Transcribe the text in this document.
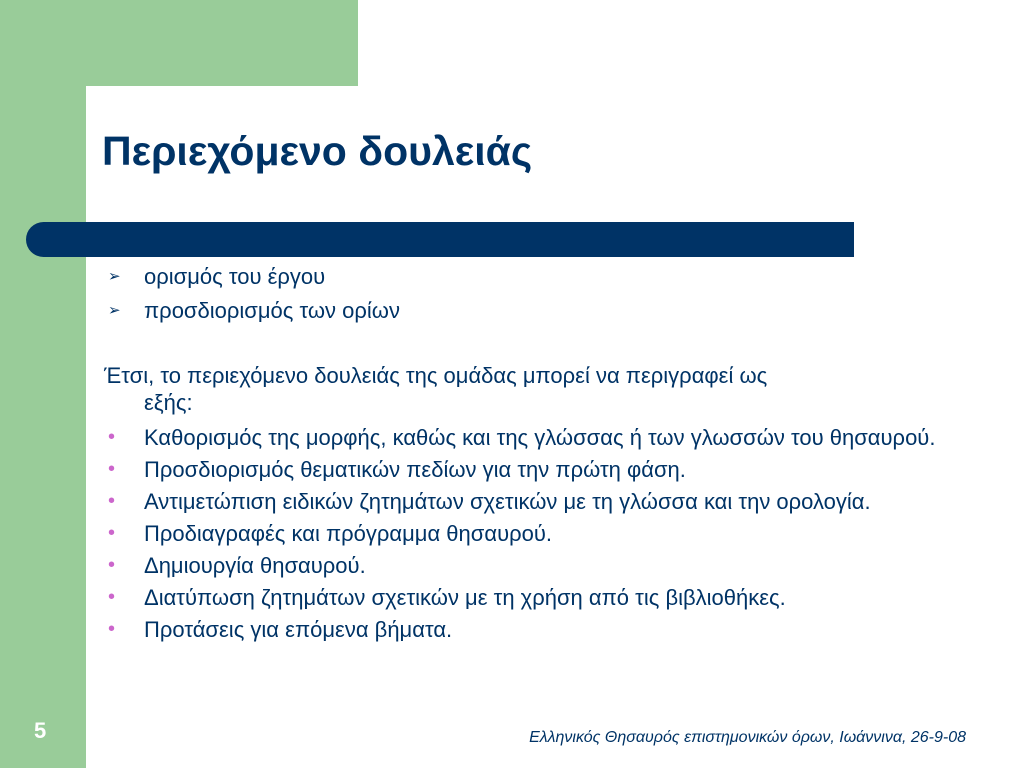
Περιεχόμενο δουλειάς
➢ ορισμός του έργου
➢ προσδιορισμός των ορίων
Έτσι, το περιεχόμενο δουλειάς της ομάδας μπορεί να περιγραφεί ως
εξής:
• Καθορισμός της μορφής, καθώς και της γλώσσας ή των γλωσσών του θησαυρού.
• Προσδιορισμός θεματικών πεδίων για την πρώτη φάση.
• Αντιμετώπιση ειδικών ζητημάτων σχετικών με τη γλώσσα και την ορολογία.
• Προδιαγραφές και πρόγραμμα θησαυρού.
• Δημιουργία θησαυρού.
• Διατύπωση ζητημάτων σχετικών με τη χρήση από τις βιβλιοθήκες.
• Προτάσεις για επόμενα βήματα.
5	Ελληνικός Θησαυρός επιστημονικών όρων, Ιωάννινα, 26-9-08
